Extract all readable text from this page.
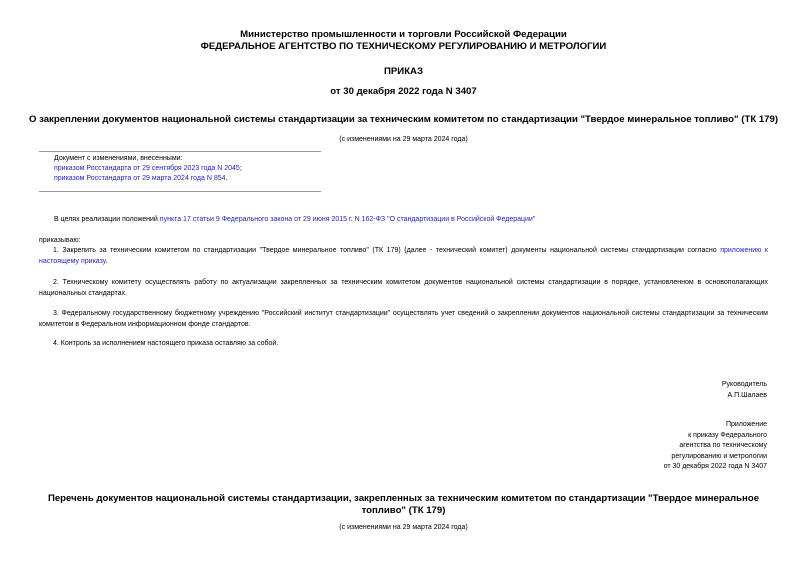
Министерство промышленности и торговли Российской Федерации
ФЕДЕРАЛЬНОЕ АГЕНТСТВО ПО ТЕХНИЧЕСКОМУ РЕГУЛИРОВАНИЮ И МЕТРОЛОГИИ
ПРИКАЗ
от 30 декабря 2022 года N 3407
О закреплении документов национальной системы стандартизации за техническим комитетом по стандартизации "Твердое минеральное топливо" (ТК 179)
(с изменениями на 29 марта 2024 года)
Документ с изменениями, внесенными:
приказом Росстандарта от 29 сентября 2023 года N 2045;
приказом Росстандарта от 29 марта 2024 года N 854.
В целях реализации положений пункта 17 статьи 9 Федерального закона от 29 июня 2015 г. N 162-ФЗ "О стандартизации в Российской Федерации"
приказываю:
1. Закрепить за техническим комитетом по стандартизации "Твердое минеральное топливо" (ТК 179) (далее - технический комитет) документы национальной системы стандартизации согласно приложению к настоящему приказу.
2. Техническому комитету осуществлять работу по актуализации закрепленных за техническим комитетом документов национальной системы стандартизации в порядке, установленном в основополагающих национальных стандартах.
3. Федеральному государственному бюджетному учреждению "Российский институт стандартизации" осуществлять учет сведений о закреплении документов национальной системы стандартизации за техническим комитетом в Федеральном информационном фонде стандартов.
4. Контроль за исполнением настоящего приказа оставляю за собой.
Руководитель
А.П.Шалаев
Приложение
к приказу Федерального
агентства по техническому
регулированию и метрологии
от 30 декабря 2022 года N 3407
Перечень документов национальной системы стандартизации, закрепленных за техническим комитетом по стандартизации "Твердое минеральное топливо" (ТК 179)
(с изменениями на 29 марта 2024 года)
